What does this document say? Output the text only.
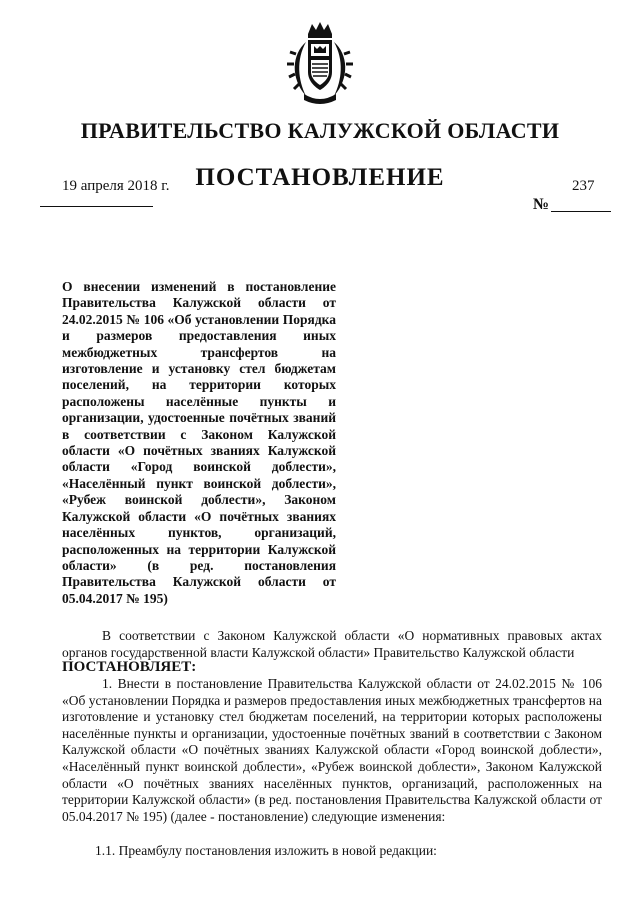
ПРАВИТЕЛЬСТВО КАЛУЖСКОЙ ОБЛАСТИ
ПОСТАНОВЛЕНИЕ
19 апреля 2018 г.	237
№
О внесении изменений в постановление Правительства Калужской области от 24.02.2015 № 106 «Об установлении Порядка и размеров предоставления иных межбюджетных трансфертов на изготовление и установку стел бюджетам поселений, на территории которых расположены населённые пункты и организации, удостоенные почётных званий в соответствии с Законом Калужской области «О почётных званиях Калужской области «Город воинской доблести», «Населённый пункт воинской доблести», «Рубеж воинской доблести», Законом Калужской области «О почётных званиях населённых пунктов, организаций, расположенных на территории Калужской области» (в ред. постановления Правительства Калужской области от 05.04.2017 № 195)
В соответствии с Законом Калужской области «О нормативных правовых актах органов государственной власти Калужской области» Правительство Калужской области
ПОСТАНОВЛЯЕТ:
1. Внести в постановление Правительства Калужской области от 24.02.2015 № 106 «Об установлении Порядка и размеров предоставления иных межбюджетных трансфертов на изготовление и установку стел бюджетам поселений, на территории которых расположены населённые пункты и организации, удостоенные почётных званий в соответствии с Законом Калужской области «О почётных званиях Калужской области «Город воинской доблести», «Населённый пункт воинской доблести», «Рубеж воинской доблести», Законом Калужской области «О почётных званиях населённых пунктов, организаций, расположенных на территории Калужской области» (в ред. постановления Правительства Калужской области от 05.04.2017 № 195) (далее - постановление) следующие изменения:
1.1. Преамбулу постановления изложить в новой редакции:
